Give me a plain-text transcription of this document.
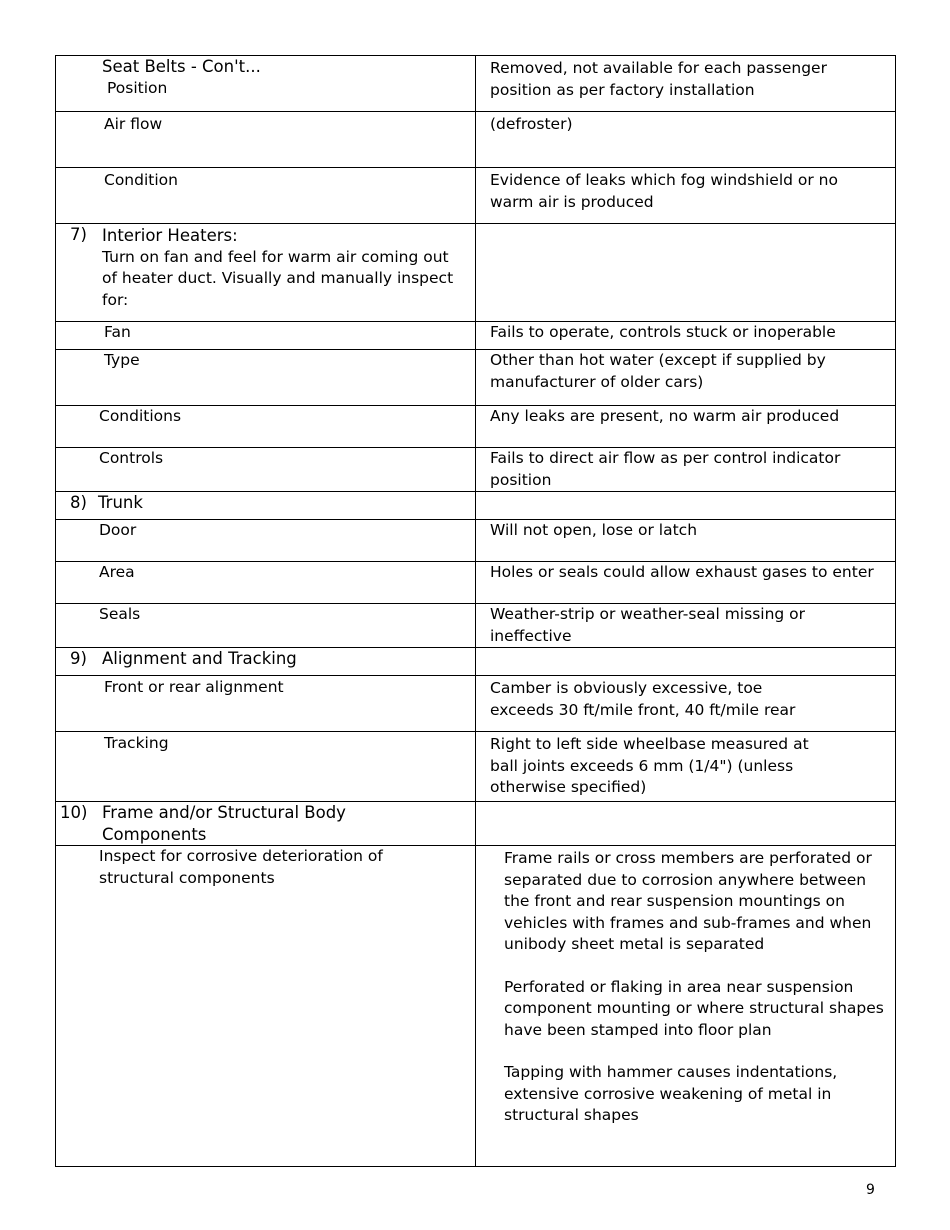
Seat Belts - Con't...
Position	Removed, not available for each passenger position as per factory installation

Air flow	(defroster)

Condition	Evidence of leaks which fog windshield or no warm air is produced

7) Interior Heaters:
Turn on fan and feel for warm air coming out of heater duct. Visually and manually inspect for:	

Fan	Fails to operate, controls stuck or inoperable

Type	Other than hot water (except if supplied by manufacturer of older cars)

Conditions	Any leaks are present, no warm air produced

Controls	Fails to direct air flow as per control indicator position

8) Trunk	

Door	Will not open, lose or latch

Area	Holes or seals could allow exhaust gases to enter

Seals	Weather-strip or weather-seal missing or ineffective

9) Alignment and Tracking	

Front or rear alignment	Camber is obviously excessive, toe exceeds 30 ft/mile front, 40 ft/mile rear

Tracking	Right to left side wheelbase measured at ball joints exceeds 6 mm (1/4") (unless otherwise specified)

10) Frame and/or Structural Body Components	

Inspect for corrosive deterioration of structural components	Frame rails or cross members are perforated or separated due to corrosion anywhere between the front and rear suspension mountings on vehicles with frames and sub-frames and when unibody sheet metal is separated
Perforated or flaking in area near suspension component mounting or where structural shapes have been stamped into floor plan
Tapping with hammer causes indentations, extensive corrosive weakening of metal in structural shapes
9
